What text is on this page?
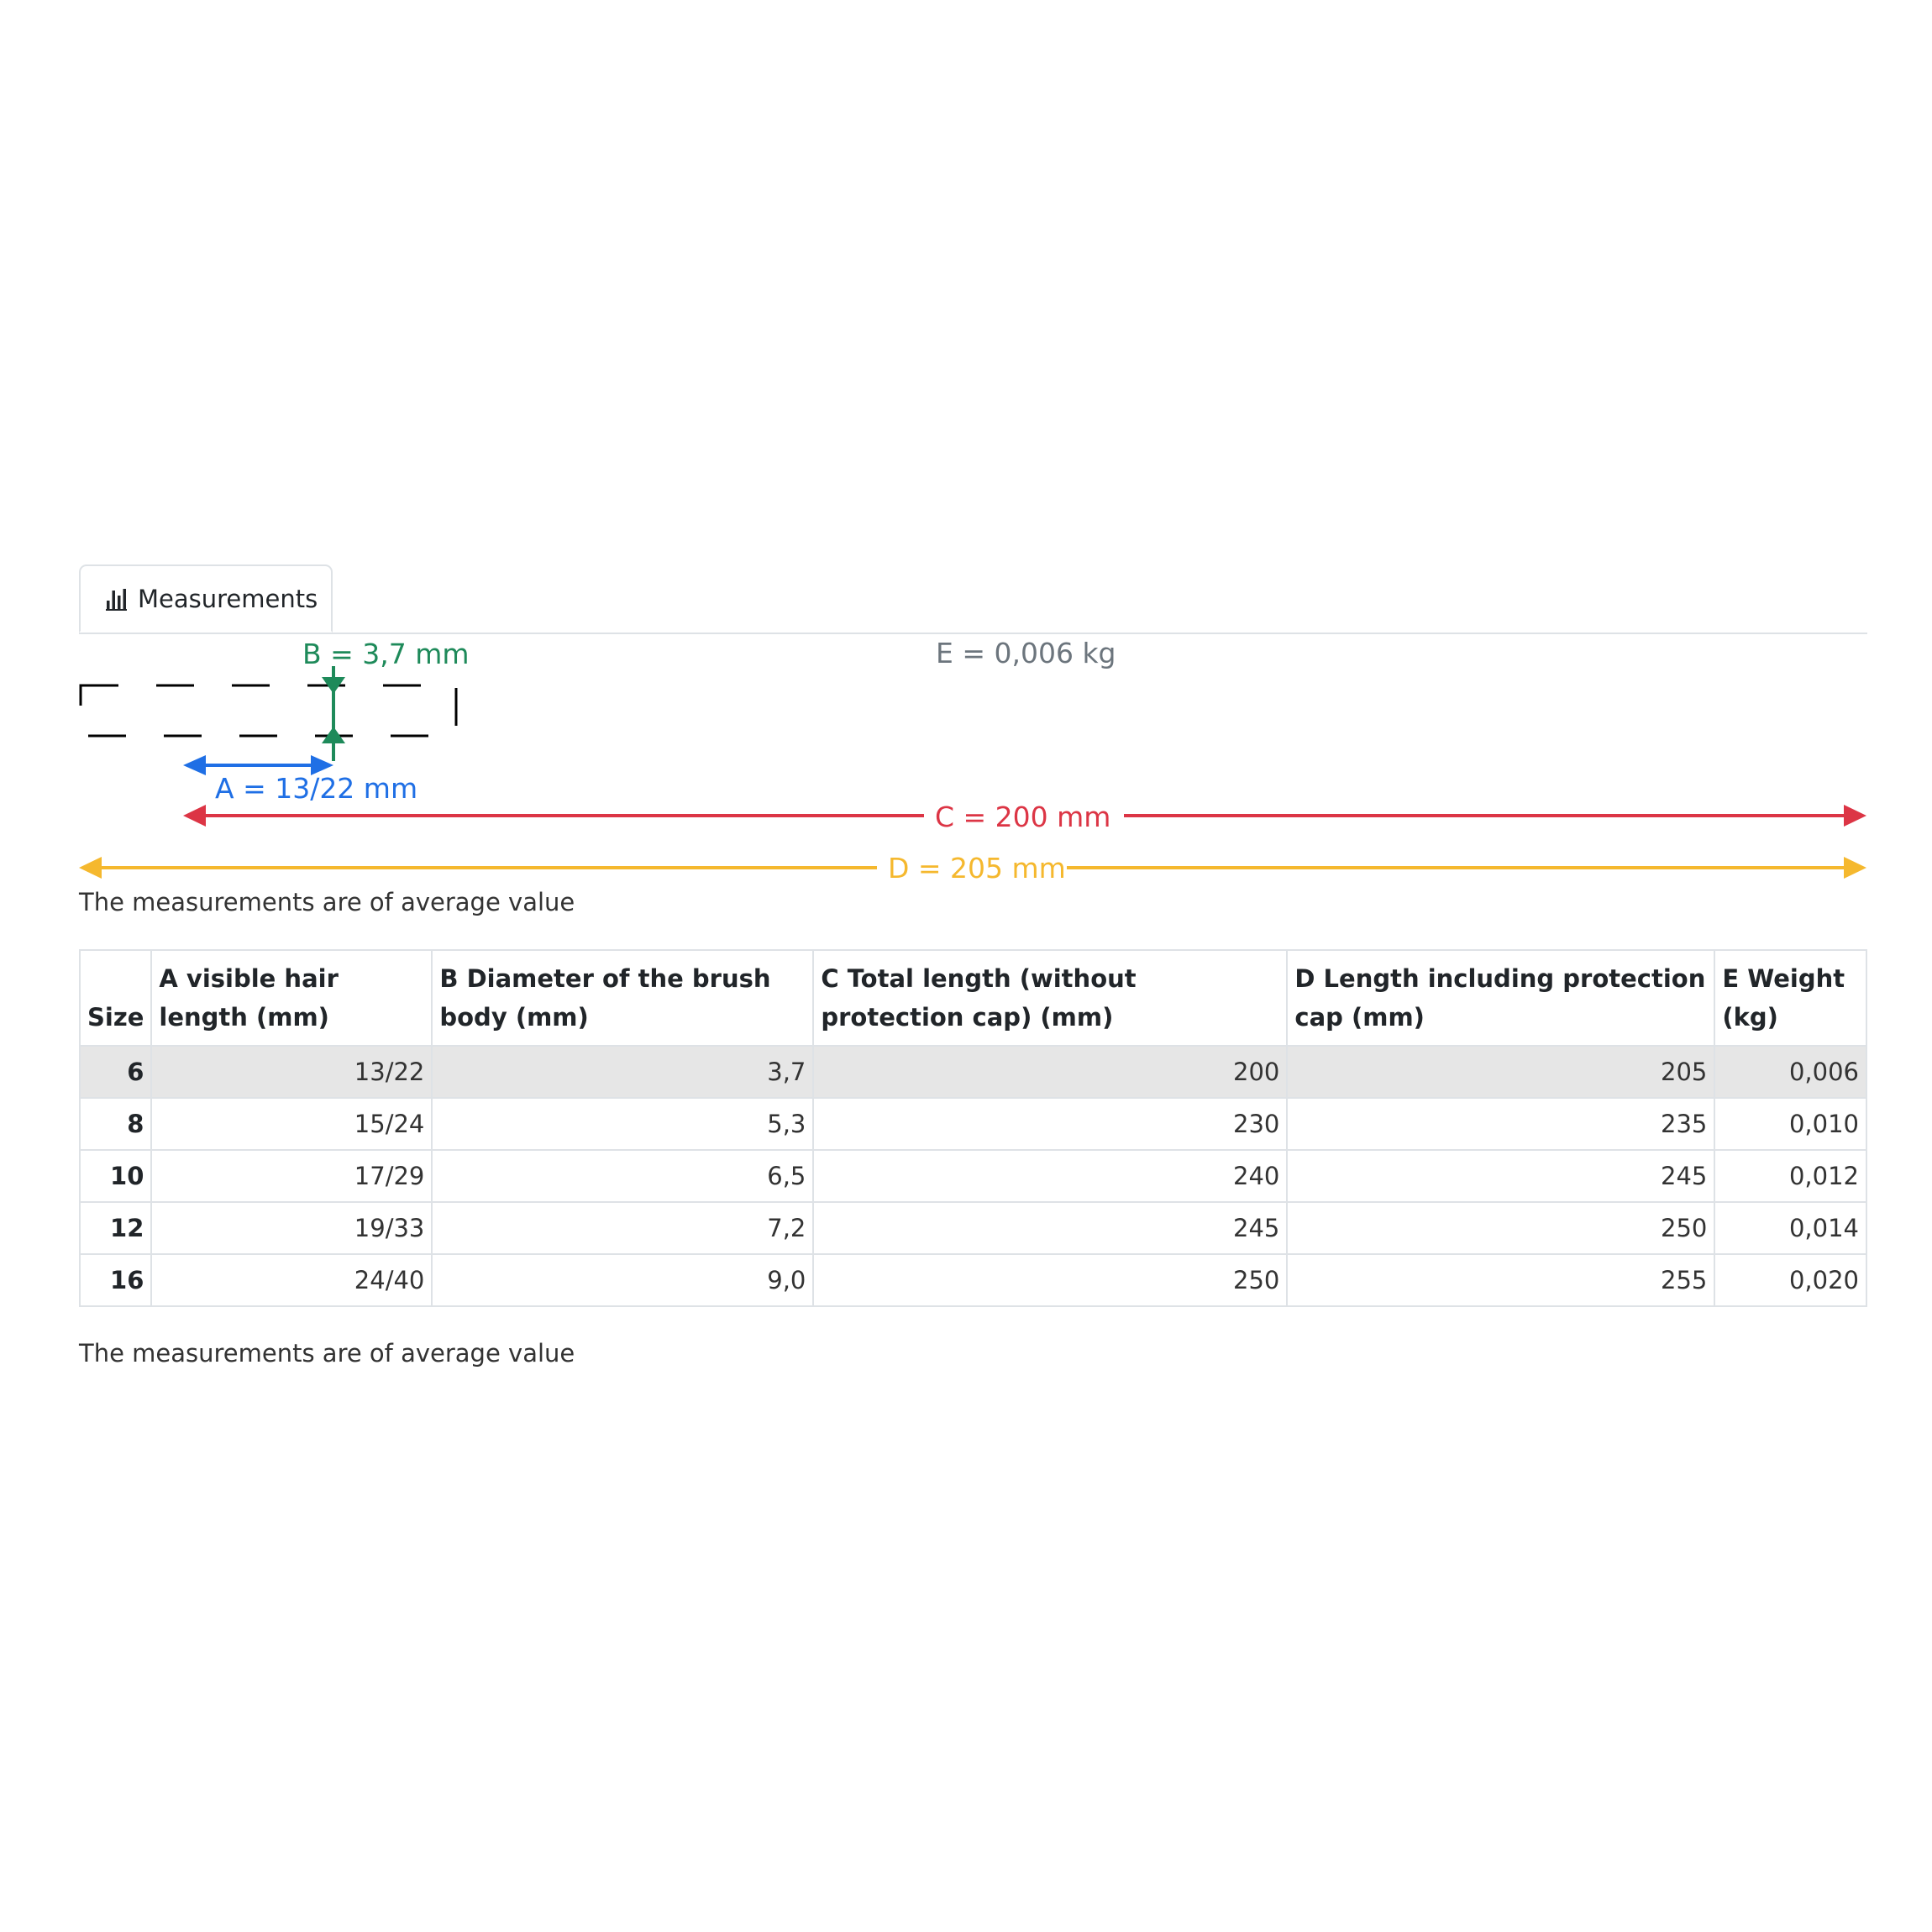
Measurements
B = 3,7 mm	E = 0,006 kg
A = 13/22 mm
C = 200 mm
D = 205 mm
The measurements are of average value
Size	A visible hair length (mm)	B Diameter of the brush body (mm)	C Total length (without protection cap) (mm)	D Length including protection cap (mm)	E Weight (kg)
6	13/22	3,7	200	205	0,006
8	15/24	5,3	230	235	0,010
10	17/29	6,5	240	245	0,012
12	19/33	7,2	245	250	0,014
16	24/40	9,0	250	255	0,020
The measurements are of average value
